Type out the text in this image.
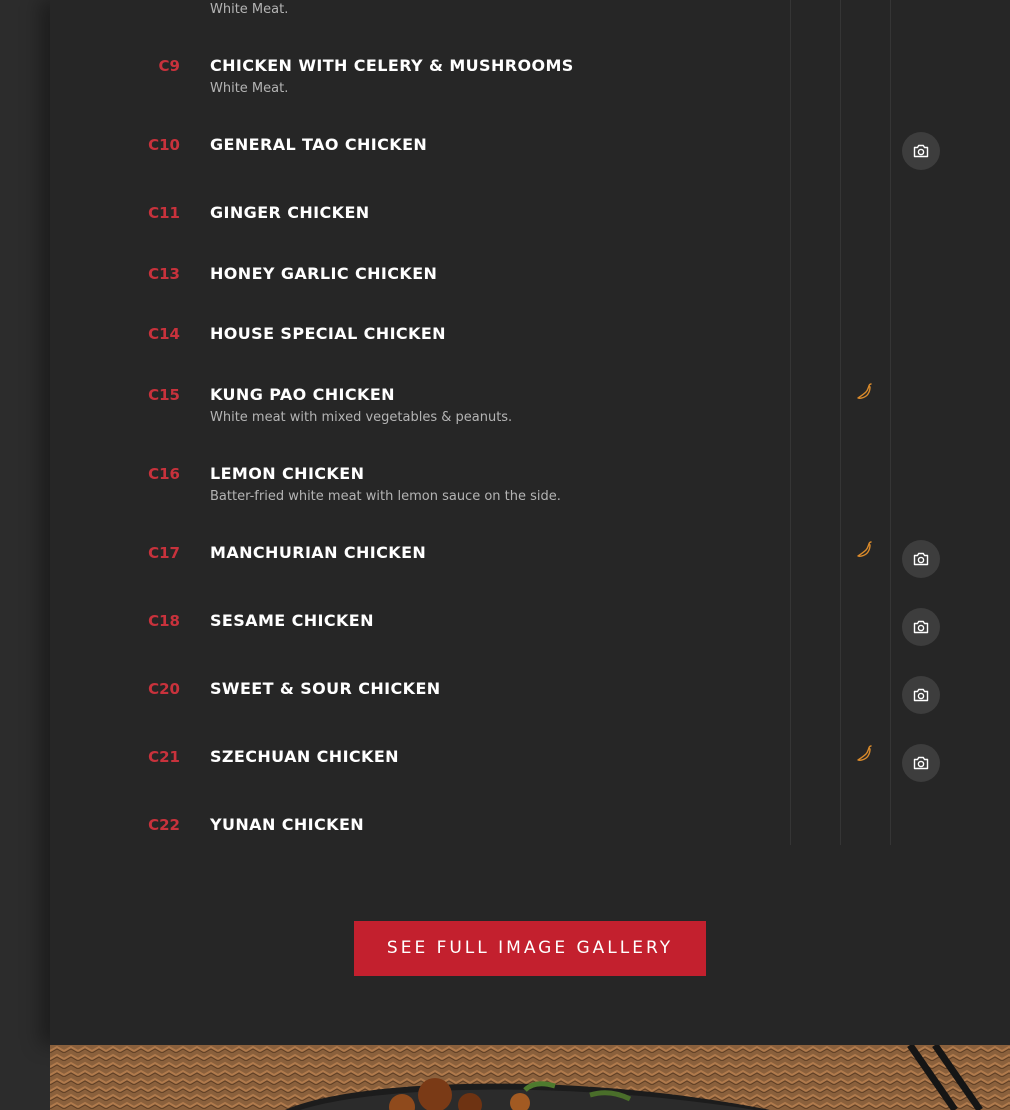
White Meat.
C9 CHICKEN WITH CELERY & MUSHROOMS
White Meat.
C10 GENERAL TAO CHICKEN
C11 GINGER CHICKEN
C13 HONEY GARLIC CHICKEN
C14 HOUSE SPECIAL CHICKEN
C15 KUNG PAO CHICKEN
White meat with mixed vegetables & peanuts.
C16 LEMON CHICKEN
Batter-fried white meat with lemon sauce on the side.
C17 MANCHURIAN CHICKEN
C18 SESAME CHICKEN
C20 SWEET & SOUR CHICKEN
C21 SZECHUAN CHICKEN
C22 YUNAN CHICKEN
SEE FULL IMAGE GALLERY
